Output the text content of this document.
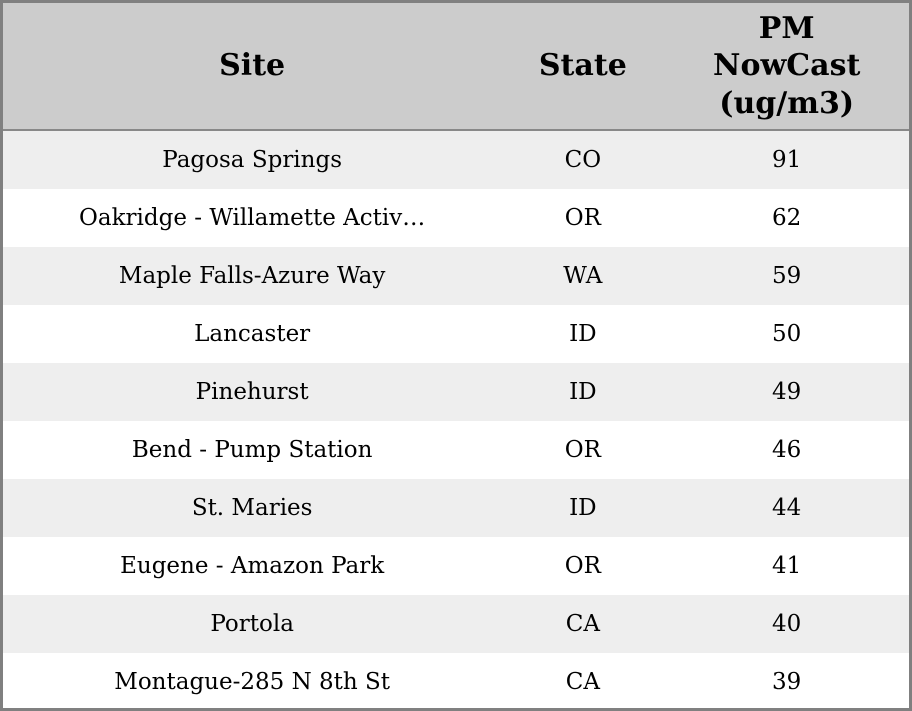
Site	State	PM
NowCast
(ug/m3)

Pagosa Springs	CO	91
Oakridge - Willamette Activ…	OR	62
Maple Falls-Azure Way	WA	59
Lancaster	ID	50
Pinehurst	ID	49
Bend - Pump Station	OR	46
St. Maries	ID	44
Eugene - Amazon Park	OR	41
Portola	CA	40
Montague-285 N 8th St	CA	39
